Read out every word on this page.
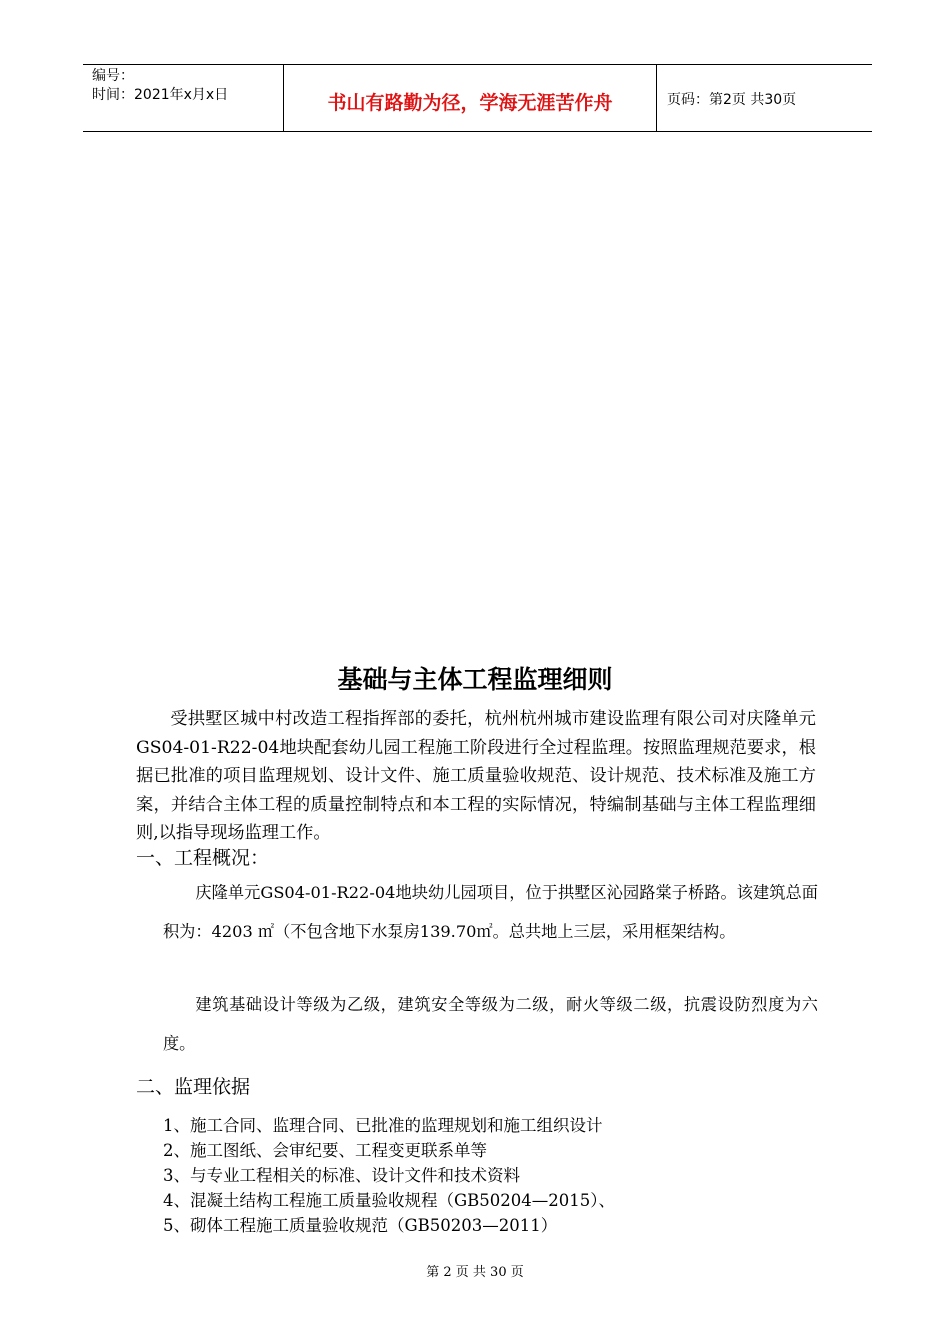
编号：
时间：2021年x月x日	书山有路勤为径，学海无涯苦作舟	页码：第2页 共30页
基础与主体工程监理细则
受拱墅区城中村改造工程指挥部的委托，杭州杭州城市建设监理有限公司对庆隆单元GS04-01-R22-04地块配套幼儿园工程施工阶段进行全过程监理。按照监理规范要求，根据已批准的项目监理规划、设计文件、施工质量验收规范、设计规范、技术标准及施工方案，并结合主体工程的质量控制特点和本工程的实际情况，特编制基础与主体工程监理细则,以指导现场监理工作。
一、工程概况：

庆隆单元GS04-01-R22-04地块幼儿园项目，位于拱墅区沁园路棠子桥路。该建筑总面积为：4203 ㎡（不包含地下水泵房139.70㎡。总共地上三层，采用框架结构。

建筑基础设计等级为乙级，建筑安全等级为二级，耐火等级二级，抗震设防烈度为六度。

二、监理依据
1、施工合同、监理合同、已批准的监理规划和施工组织设计
2、施工图纸、会审纪要、工程变更联系单等
3、与专业工程相关的标准、设计文件和技术资料
4、混凝土结构工程施工质量验收规程（GB50204—2015）、
5、砌体工程施工质量验收规范（GB50203—2011）
第 2 页 共 30 页
